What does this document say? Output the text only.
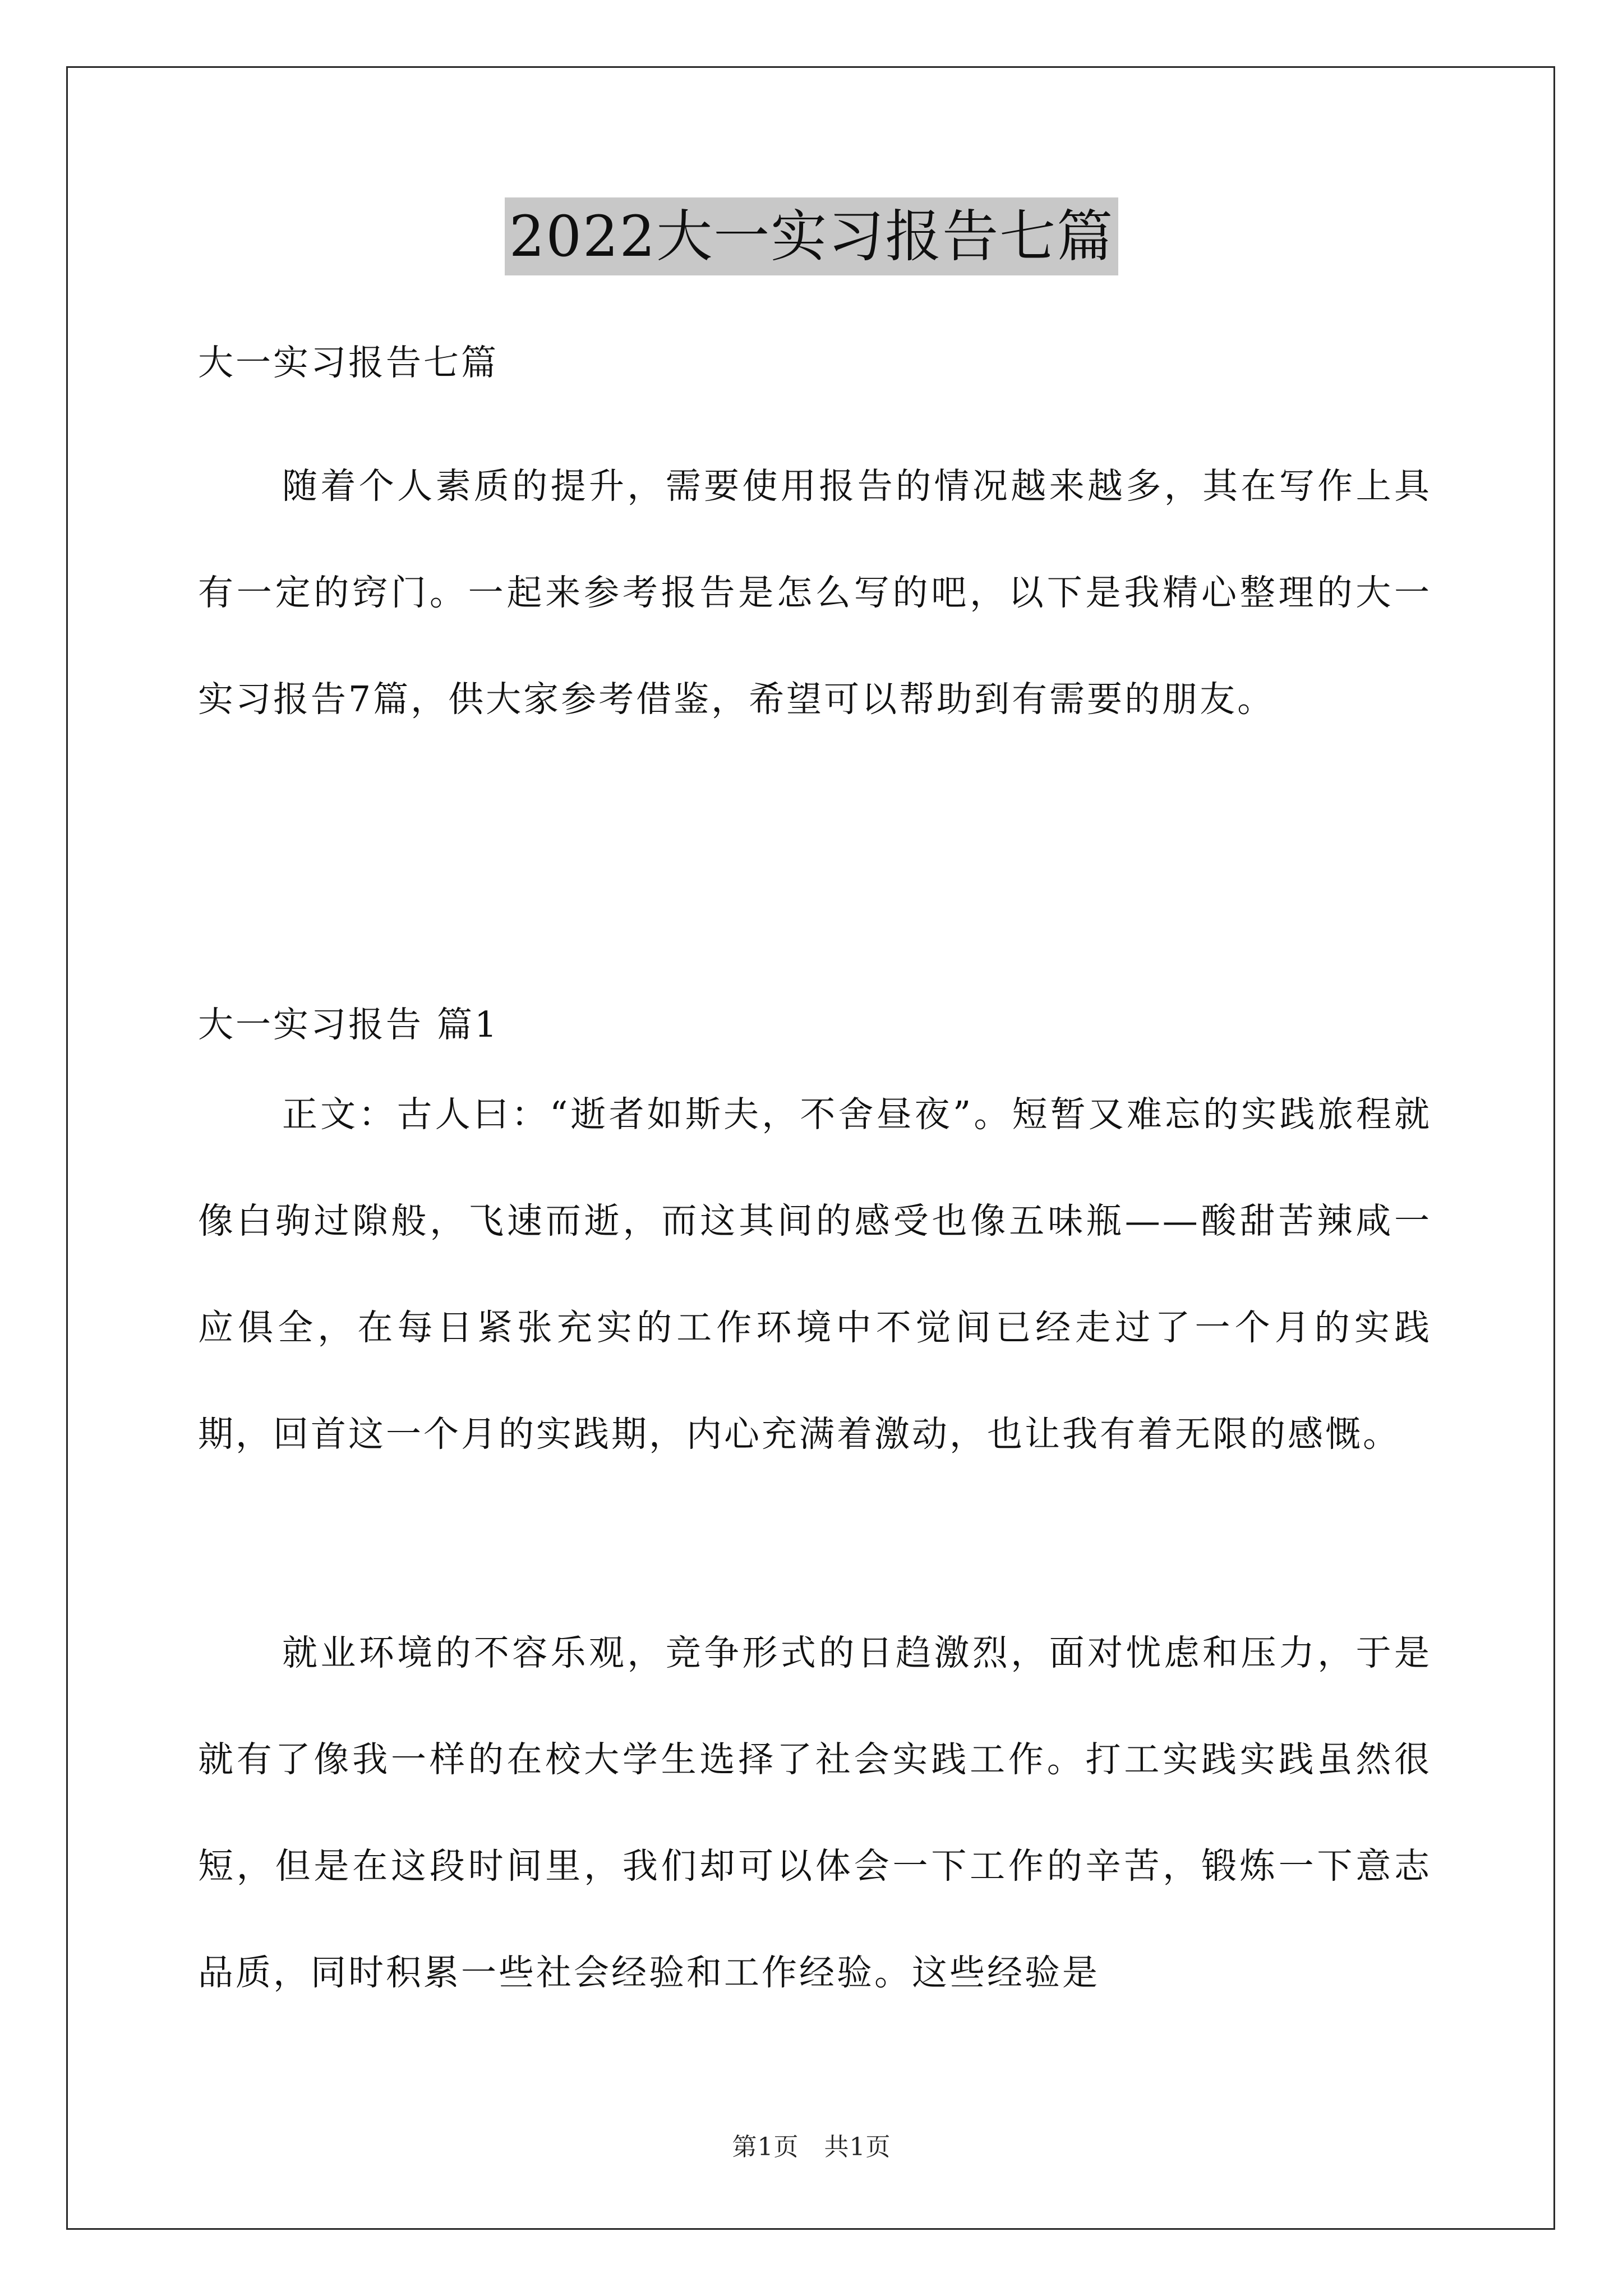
2022大一实习报告七篇

大一实习报告七篇

随着个人素质的提升，需要使用报告的情况越来越多，其在写作上具有一定的窍门。一起来参考报告是怎么写的吧，以下是我精心整理的大一实习报告7篇，供大家参考借鉴，希望可以帮助到有需要的朋友。

大一实习报告 篇1

正文：古人曰：“逝者如斯夫，不舍昼夜”。短暂又难忘的实践旅程就像白驹过隙般，飞速而逝，而这其间的感受也像五味瓶——酸甜苦辣咸一应俱全，在每日紧张充实的工作环境中不觉间已经走过了一个月的实践期，回首这一个月的实践期，内心充满着激动，也让我有着无限的感慨。

就业环境的不容乐观，竞争形式的日趋激烈，面对忧虑和压力，于是就有了像我一样的在校大学生选择了社会实践工作。打工实践实践虽然很短，但是在这段时间里，我们却可以体会一下工作的辛苦，锻炼一下意志品质，同时积累一些社会经验和工作经验。这些经验是

第1页   共1页
